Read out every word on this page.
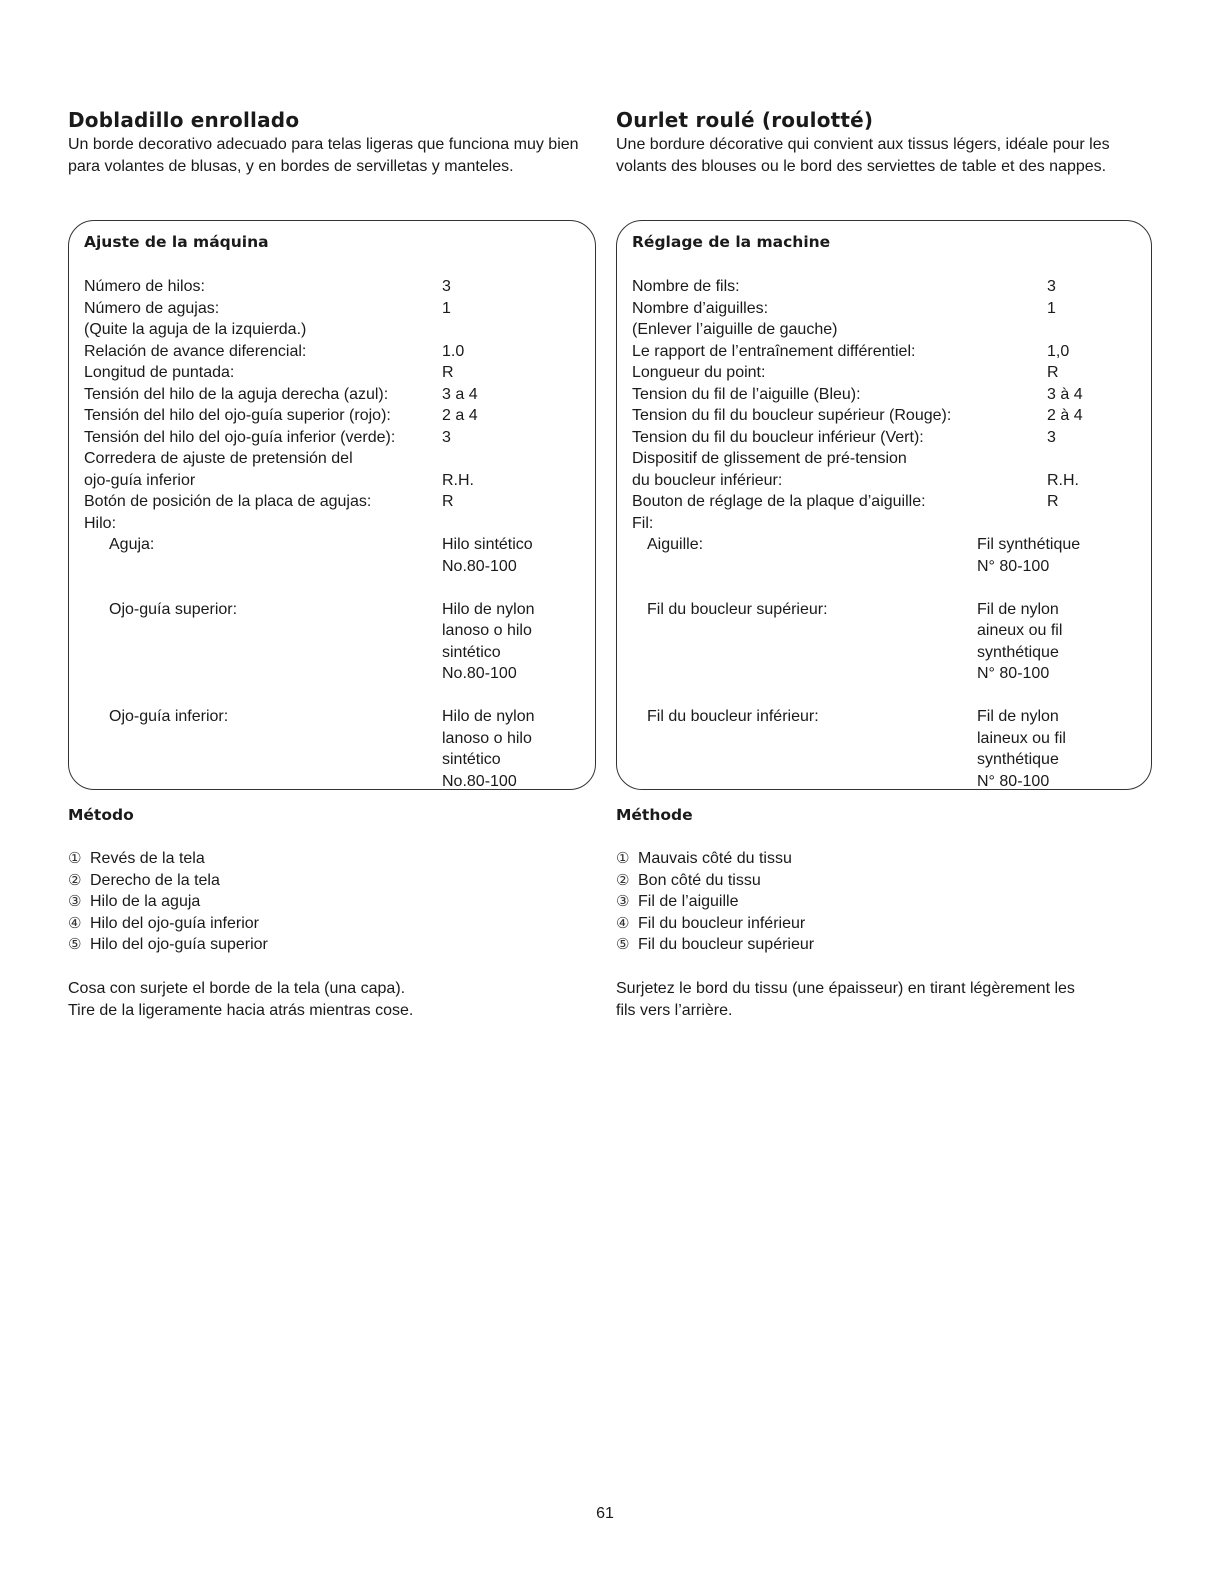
Dobladillo enrollado

Un borde decorativo adecuado para telas ligeras que funciona muy bien para volantes de blusas, y en bordes de servilletas y manteles.

Ajuste de la máquina
Número de hilos:	3
Número de agujas:	1
(Quite la aguja de la izquierda.)
Relación de avance diferencial:	1.0
Longitud de puntada:	R
Tensión del hilo de la aguja derecha (azul):	3 a 4
Tensión del hilo del ojo-guía superior (rojo):	2 a 4
Tensión del hilo del ojo-guía inferior (verde):	3
Corredera de ajuste de pretensión del
ojo-guía inferior	R.H.
Botón de posición de la placa de agujas:	R
Hilo:
Aguja:	Hilo sintético
No.80-100
Ojo-guía superior:	Hilo de nylon
lanoso o hilo
sintético
No.80-100
Ojo-guía inferior:	Hilo de nylon
lanoso o hilo
sintético
No.80-100
Método
① Revés de la tela
② Derecho de la tela
③ Hilo de la aguja
④ Hilo del ojo-guía inferior
⑤ Hilo del ojo-guía superior

Cosa con surjete el borde de la tela (una capa).
Tire de la ligeramente hacia atrás mientras cose.

Ourlet roulé (roulotté)

Une bordure décorative qui convient aux tissus légers, idéale pour les volants des blouses ou le bord des serviettes de table et des nappes.

Réglage de la machine
Nombre de fils:	3
Nombre d’aiguilles:	1
(Enlever l’aiguille de gauche)
Le rapport de l’entraînement différentiel:	1,0
Longueur du point:	R
Tension du fil de l’aiguille (Bleu):	3 à 4
Tension du fil du boucleur supérieur (Rouge):	2 à 4
Tension du fil du boucleur inférieur (Vert):	3
Dispositif de glissement de pré-tension
du boucleur inférieur:	R.H.
Bouton de réglage de la plaque d’aiguille:	R
Fil:
Aiguille:	Fil synthétique
N° 80-100
Fil du boucleur supérieur:	Fil de nylon
aineux ou fil
synthétique
N° 80-100
Fil du boucleur inférieur:	Fil de nylon
laineux ou fil
synthétique
N° 80-100
Méthode
① Mauvais côté du tissu
② Bon côté du tissu
③ Fil de l’aiguille
④ Fil du boucleur inférieur
⑤ Fil du boucleur supérieur

Surjetez le bord du tissu (une épaisseur) en tirant légèrement les
fils vers l’arrière.

61
